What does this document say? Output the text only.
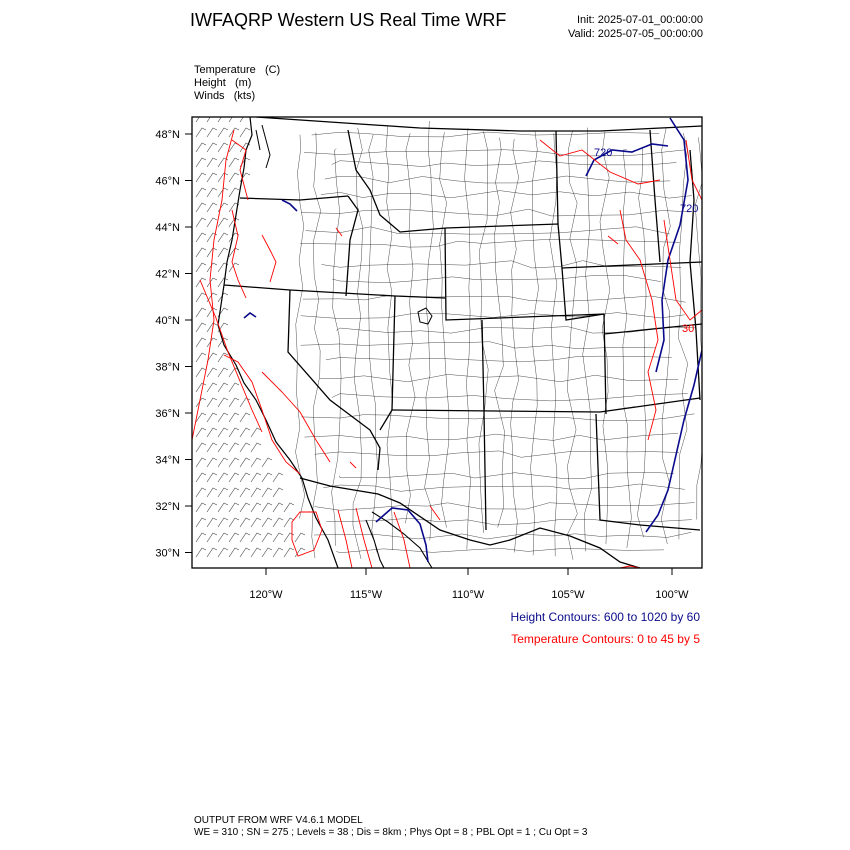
IWFAQRP Western US Real Time WRF	Init: 2025-07-01_00:00:00
Valid: 2025-07-05_00:00:00
Temperature (C)
Height (m)
Winds (kts)
720
720
30
48°N
46°N
44°N
42°N
40°N
38°N
36°N
34°N
32°N
30°N
120°W	115°W	110°W	105°W	100°W
Height Contours: 600 to 1020 by 60
Temperature Contours: 0 to 45 by 5
OUTPUT FROM WRF V4.6.1 MODEL
WE = 310 ; SN = 275 ; Levels = 38 ; Dis = 8km ; Phys Opt = 8 ; PBL Opt = 1 ; Cu Opt = 3
